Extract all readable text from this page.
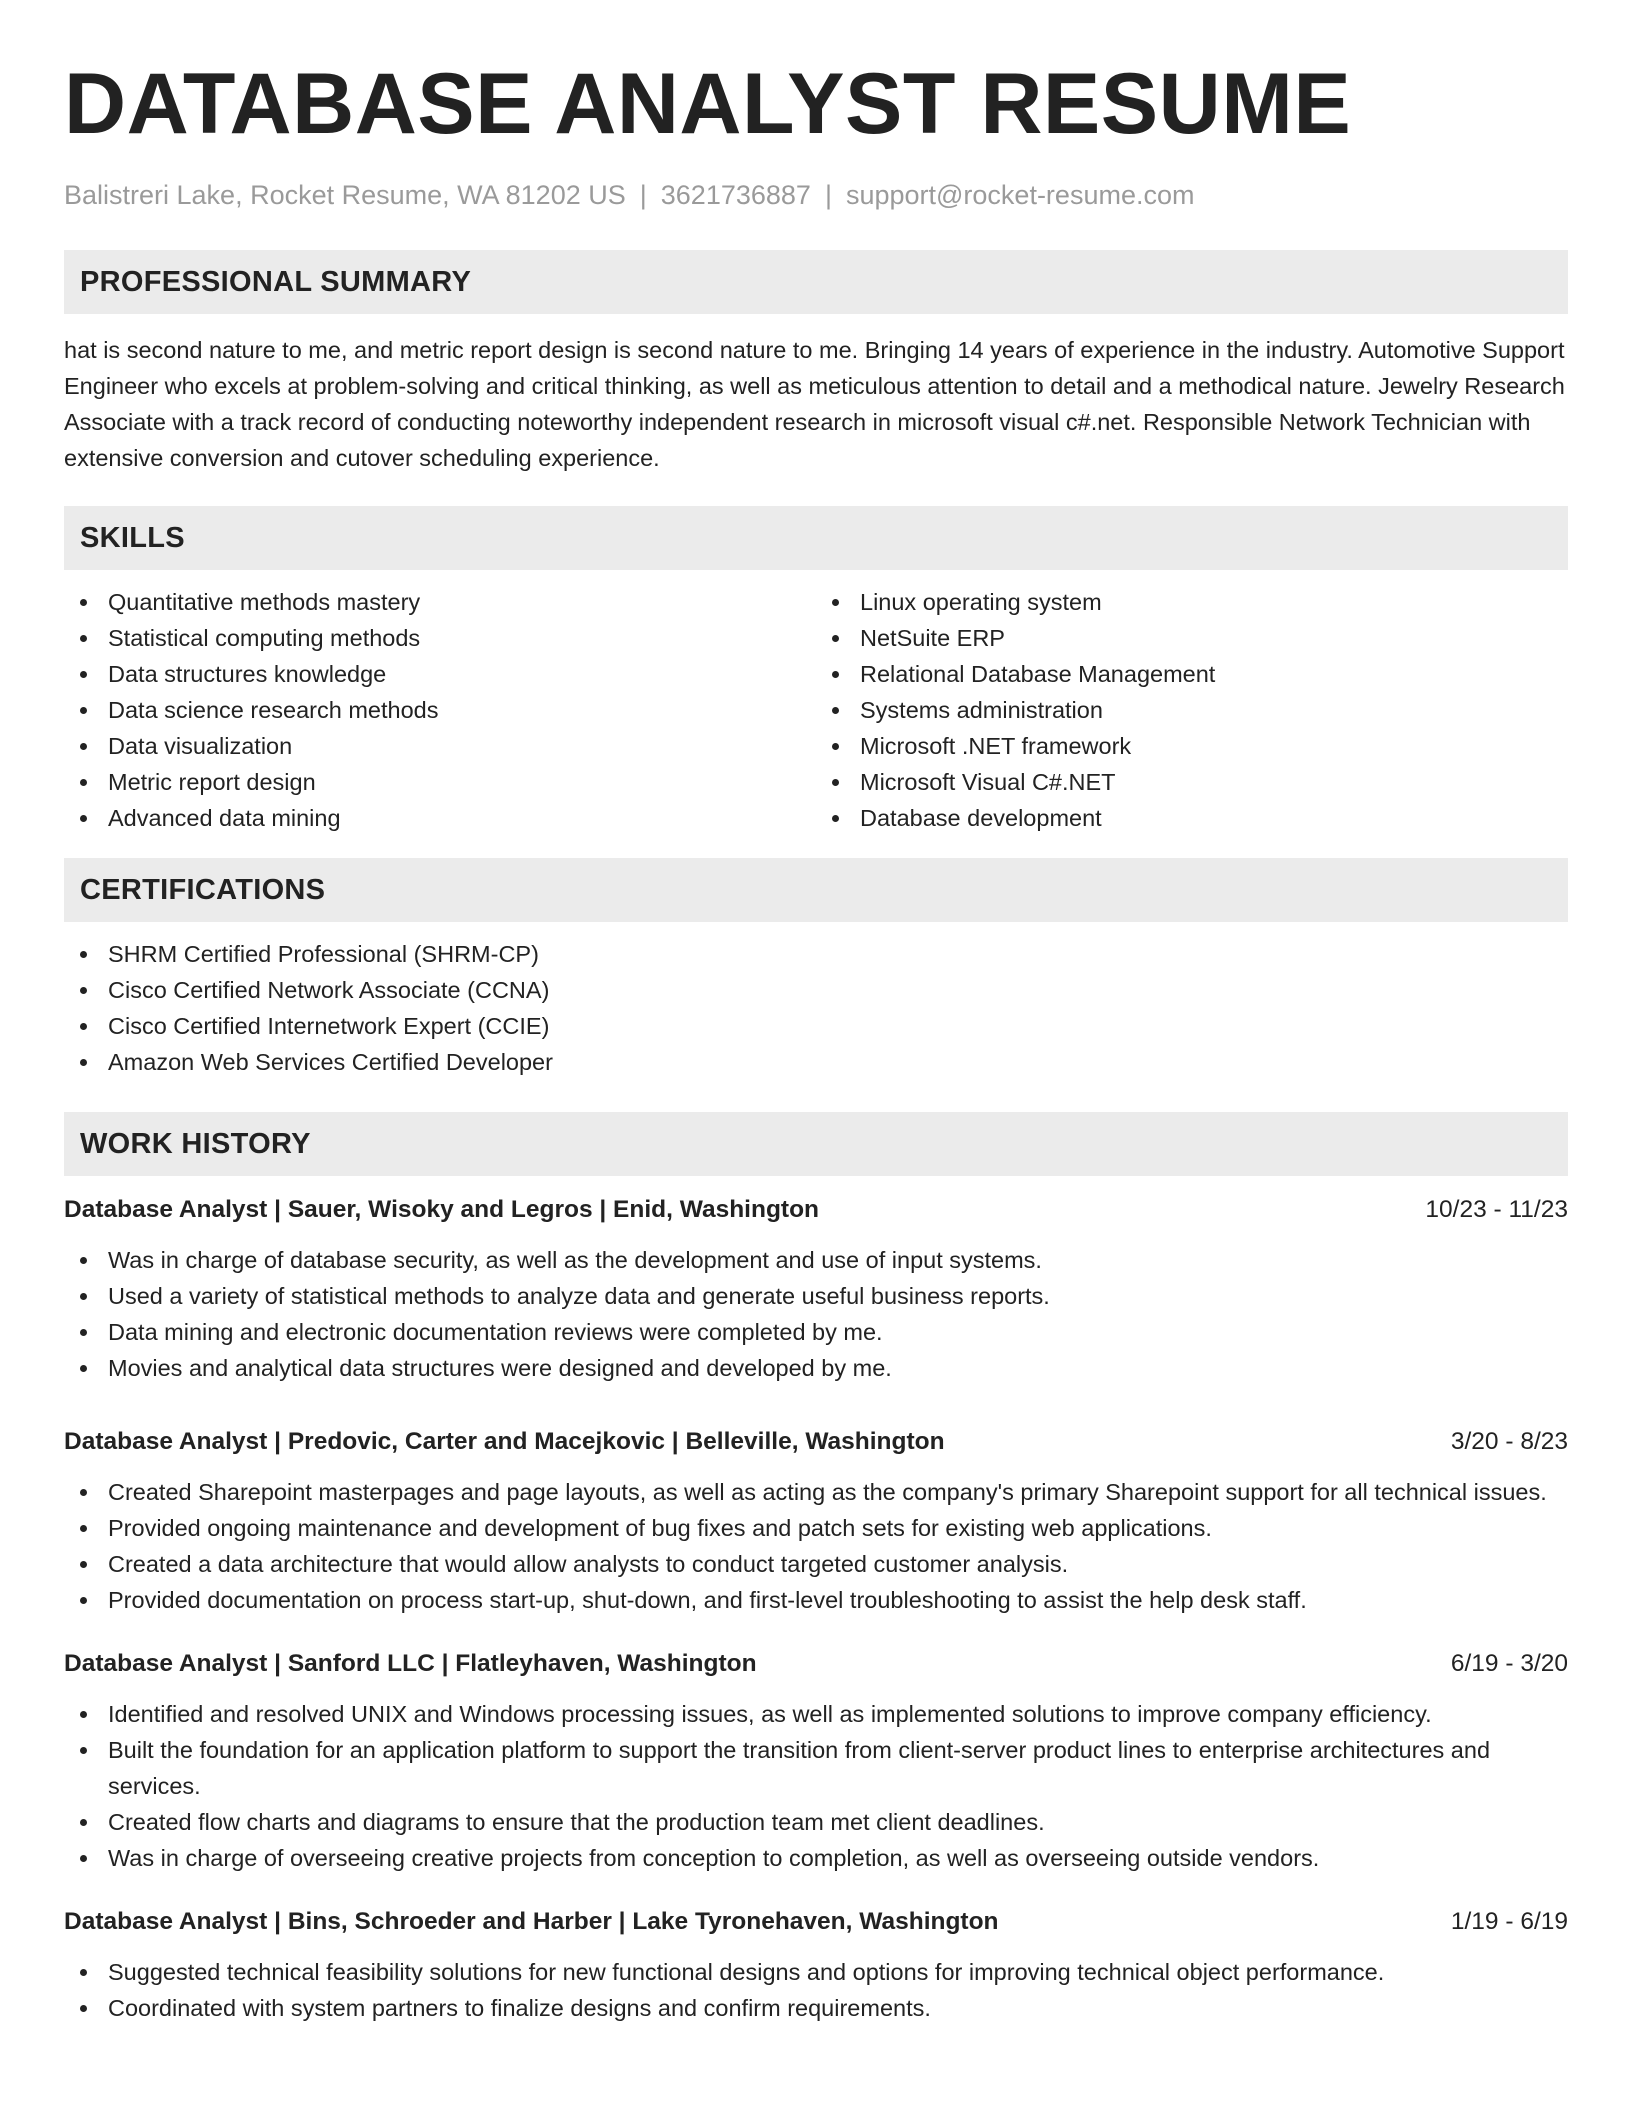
DATABASE ANALYST RESUME
Balistreri Lake, Rocket Resume, WA 81202 US | 3621736887 | support@rocket-resume.com
PROFESSIONAL SUMMARY

hat is second nature to me, and metric report design is second nature to me. Bringing 14 years of experience in the industry. Automotive Support Engineer who excels at problem-solving and critical thinking, as well as meticulous attention to detail and a methodical nature. Jewelry Research Associate with a track record of conducting noteworthy independent research in microsoft visual c#.net. Responsible Network Technician with extensive conversion and cutover scheduling experience.

SKILLS
Quantitative methods mastery
Statistical computing methods
Data structures knowledge
Data science research methods
Data visualization
Metric report design
Advanced data mining
Linux operating system
NetSuite ERP
Relational Database Management
Systems administration
Microsoft .NET framework
Microsoft Visual C#.NET
Database development
CERTIFICATIONS
SHRM Certified Professional (SHRM-CP)
Cisco Certified Network Associate (CCNA)
Cisco Certified Internetwork Expert (CCIE)
Amazon Web Services Certified Developer
WORK HISTORY
Database Analyst | Sauer, Wisoky and Legros | Enid, Washington	10/23 - 11/23
Was in charge of database security, as well as the development and use of input systems.
Used a variety of statistical methods to analyze data and generate useful business reports.
Data mining and electronic documentation reviews were completed by me.
Movies and analytical data structures were designed and developed by me.
Database Analyst | Predovic, Carter and Macejkovic | Belleville, Washington	3/20 - 8/23
Created Sharepoint masterpages and page layouts, as well as acting as the company's primary Sharepoint support for all technical issues.
Provided ongoing maintenance and development of bug fixes and patch sets for existing web applications.
Created a data architecture that would allow analysts to conduct targeted customer analysis.
Provided documentation on process start-up, shut-down, and first-level troubleshooting to assist the help desk staff.
Database Analyst | Sanford LLC | Flatleyhaven, Washington	6/19 - 3/20
Identified and resolved UNIX and Windows processing issues, as well as implemented solutions to improve company efficiency.
Built the foundation for an application platform to support the transition from client-server product lines to enterprise architectures and services.
Created flow charts and diagrams to ensure that the production team met client deadlines.
Was in charge of overseeing creative projects from conception to completion, as well as overseeing outside vendors.
Database Analyst | Bins, Schroeder and Harber | Lake Tyronehaven, Washington	1/19 - 6/19
Suggested technical feasibility solutions for new functional designs and options for improving technical object performance.
Coordinated with system partners to finalize designs and confirm requirements.
